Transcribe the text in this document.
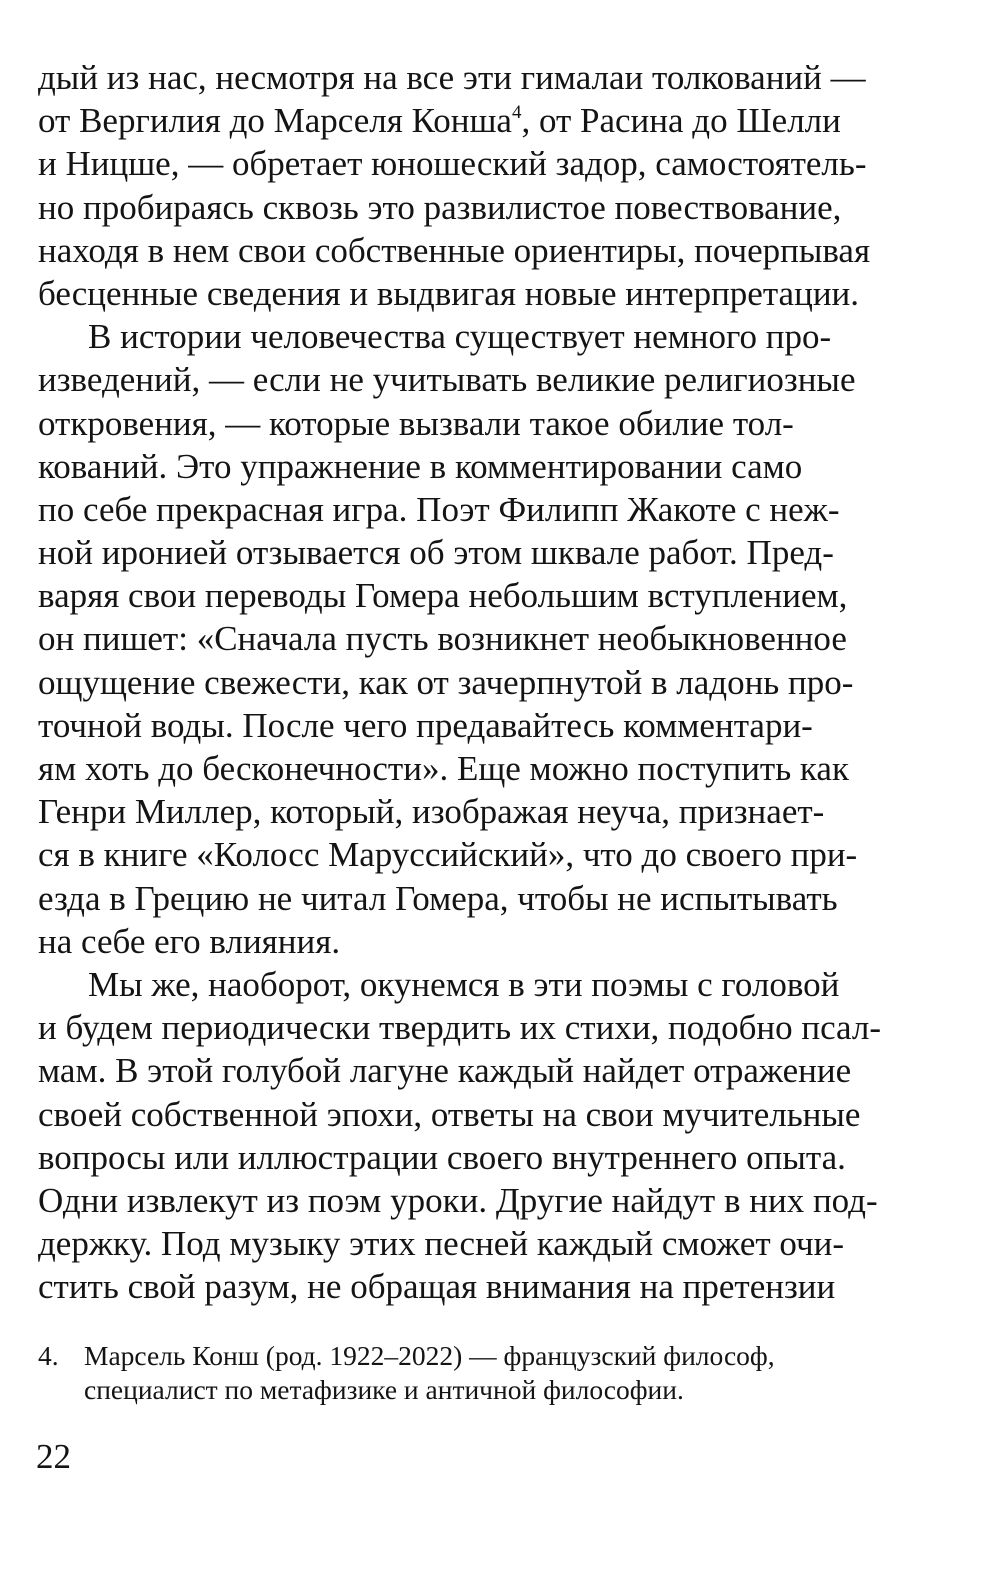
дый из нас, несмотря на все эти гималаи толкований —
от Вергилия до Марселя Конша$^4$, от Расина до Шелли
и Ницше, — обретает юношеский задор, самостоятель-
но пробираясь сквозь это развилистое повествование,
находя в нем свои собственные ориентиры, почерпывая
бесценные сведения и выдвигая новые интерпретации.
В истории человечества существует немного про-
изведений, — если не учитывать великие религиозные
откровения, — которые вызвали такое обилие тол-
кований. Это упражнение в комментировании само
по себе прекрасная игра. Поэт Филипп Жакоте с неж-
ной иронией отзывается об этом шквале работ. Пред-
варяя свои переводы Гомера небольшим вступлением,
он пишет: «Сначала пусть возникнет необыкновенное
ощущение свежести, как от зачерпнутой в ладонь про-
точной воды. После чего предавайтесь комментари-
ям хоть до бесконечности». Еще можно поступить как
Генри Миллер, который, изображая неуча, признает-
ся в книге «Колосс Маруссийский», что до своего при-
езда в Грецию не читал Гомера, чтобы не испытывать
на себе его влияния.
Мы же, наоборот, окунемся в эти поэмы с головой
и будем периодически твердить их стихи, подобно псал-
мам. В этой голубой лагуне каждый найдет отражение
своей собственной эпохи, ответы на свои мучительные
вопросы или иллюстрации своего внутреннего опыта.
Одни извлекут из поэм уроки. Другие найдут в них под-
держку. Под музыку этих песней каждый сможет очи-
стить свой разум, не обращая внимания на претензии
4. Марсель Конш (род. 1922–2022) — французский философ,
специалист по метафизике и античной философии.
22
